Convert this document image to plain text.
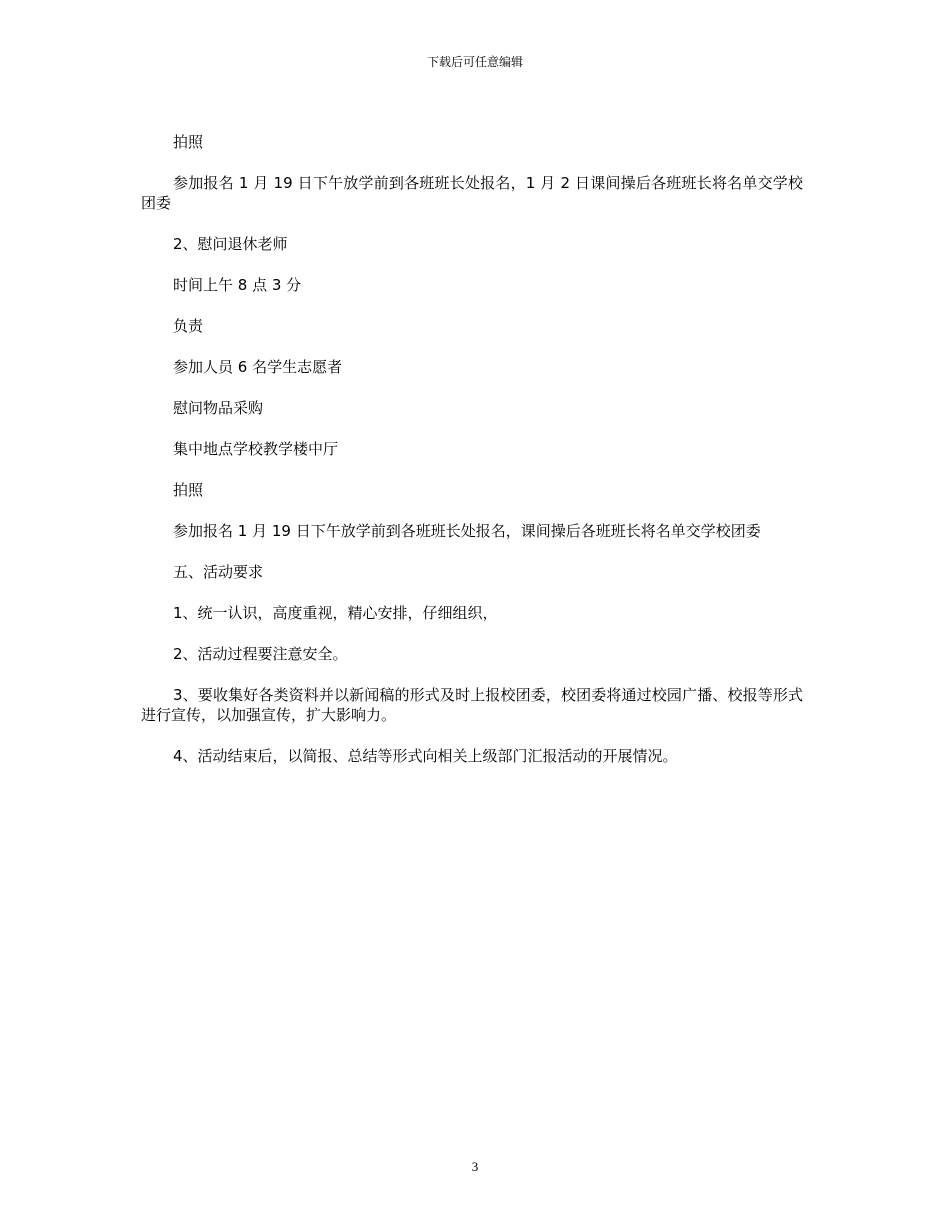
下载后可任意编辑

拍照

参加报名 1 月 19 日下午放学前到各班班长处报名，1 月 2 日课间操后各班班长将名单交学校团委

2、慰问退休老师

时间上午 8 点 3 分

负责

参加人员 6 名学生志愿者

慰问物品采购

集中地点学校教学楼中厅

拍照

参加报名 1 月 19 日下午放学前到各班班长处报名，课间操后各班班长将名单交学校团委

五、活动要求

1、统一认识，高度重视，精心安排，仔细组织，

2、活动过程要注意安全。

3、要收集好各类资料并以新闻稿的形式及时上报校团委，校团委将通过校园广播、校报等形式进行宣传，以加强宣传，扩大影响力。

4、活动结束后，以简报、总结等形式向相关上级部门汇报活动的开展情况。

3
